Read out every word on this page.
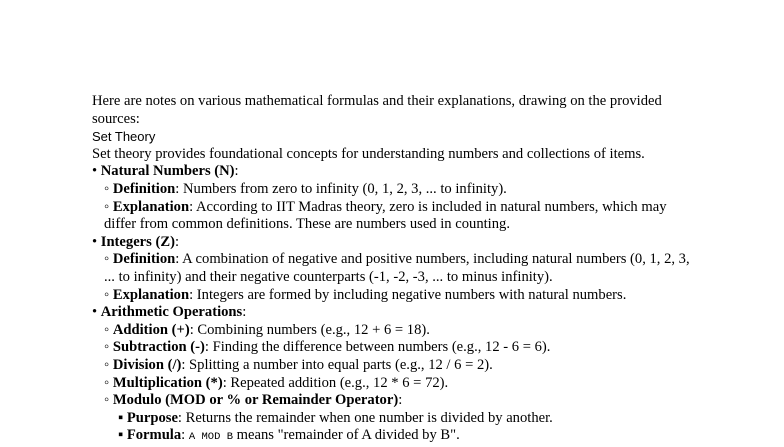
Here are notes on various mathematical formulas and their explanations, drawing on the provided sources:
Set Theory
Set theory provides foundational concepts for understanding numbers and collections of items.
• Natural Numbers (N):
◦ Definition: Numbers from zero to infinity (0, 1, 2, 3, ... to infinity).
◦ Explanation: According to IIT Madras theory, zero is included in natural numbers, which may differ from common definitions. These are numbers used in counting.
• Integers (Z):
◦ Definition: A combination of negative and positive numbers, including natural numbers (0, 1, 2, 3, ... to infinity) and their negative counterparts (-1, -2, -3, ... to minus infinity).
◦ Explanation: Integers are formed by including negative numbers with natural numbers.
• Arithmetic Operations:
◦ Addition (+): Combining numbers (e.g., 12 + 6 = 18).
◦ Subtraction (-): Finding the difference between numbers (e.g., 12 - 6 = 6).
◦ Division (/): Splitting a number into equal parts (e.g., 12 / 6 = 2).
◦ Multiplication (*): Repeated addition (e.g., 12 * 6 = 72).
◦ Modulo (MOD or % or Remainder Operator):
▪ Purpose: Returns the remainder when one number is divided by another.
▪ Formula: A MOD B means "remainder of A divided by B".
